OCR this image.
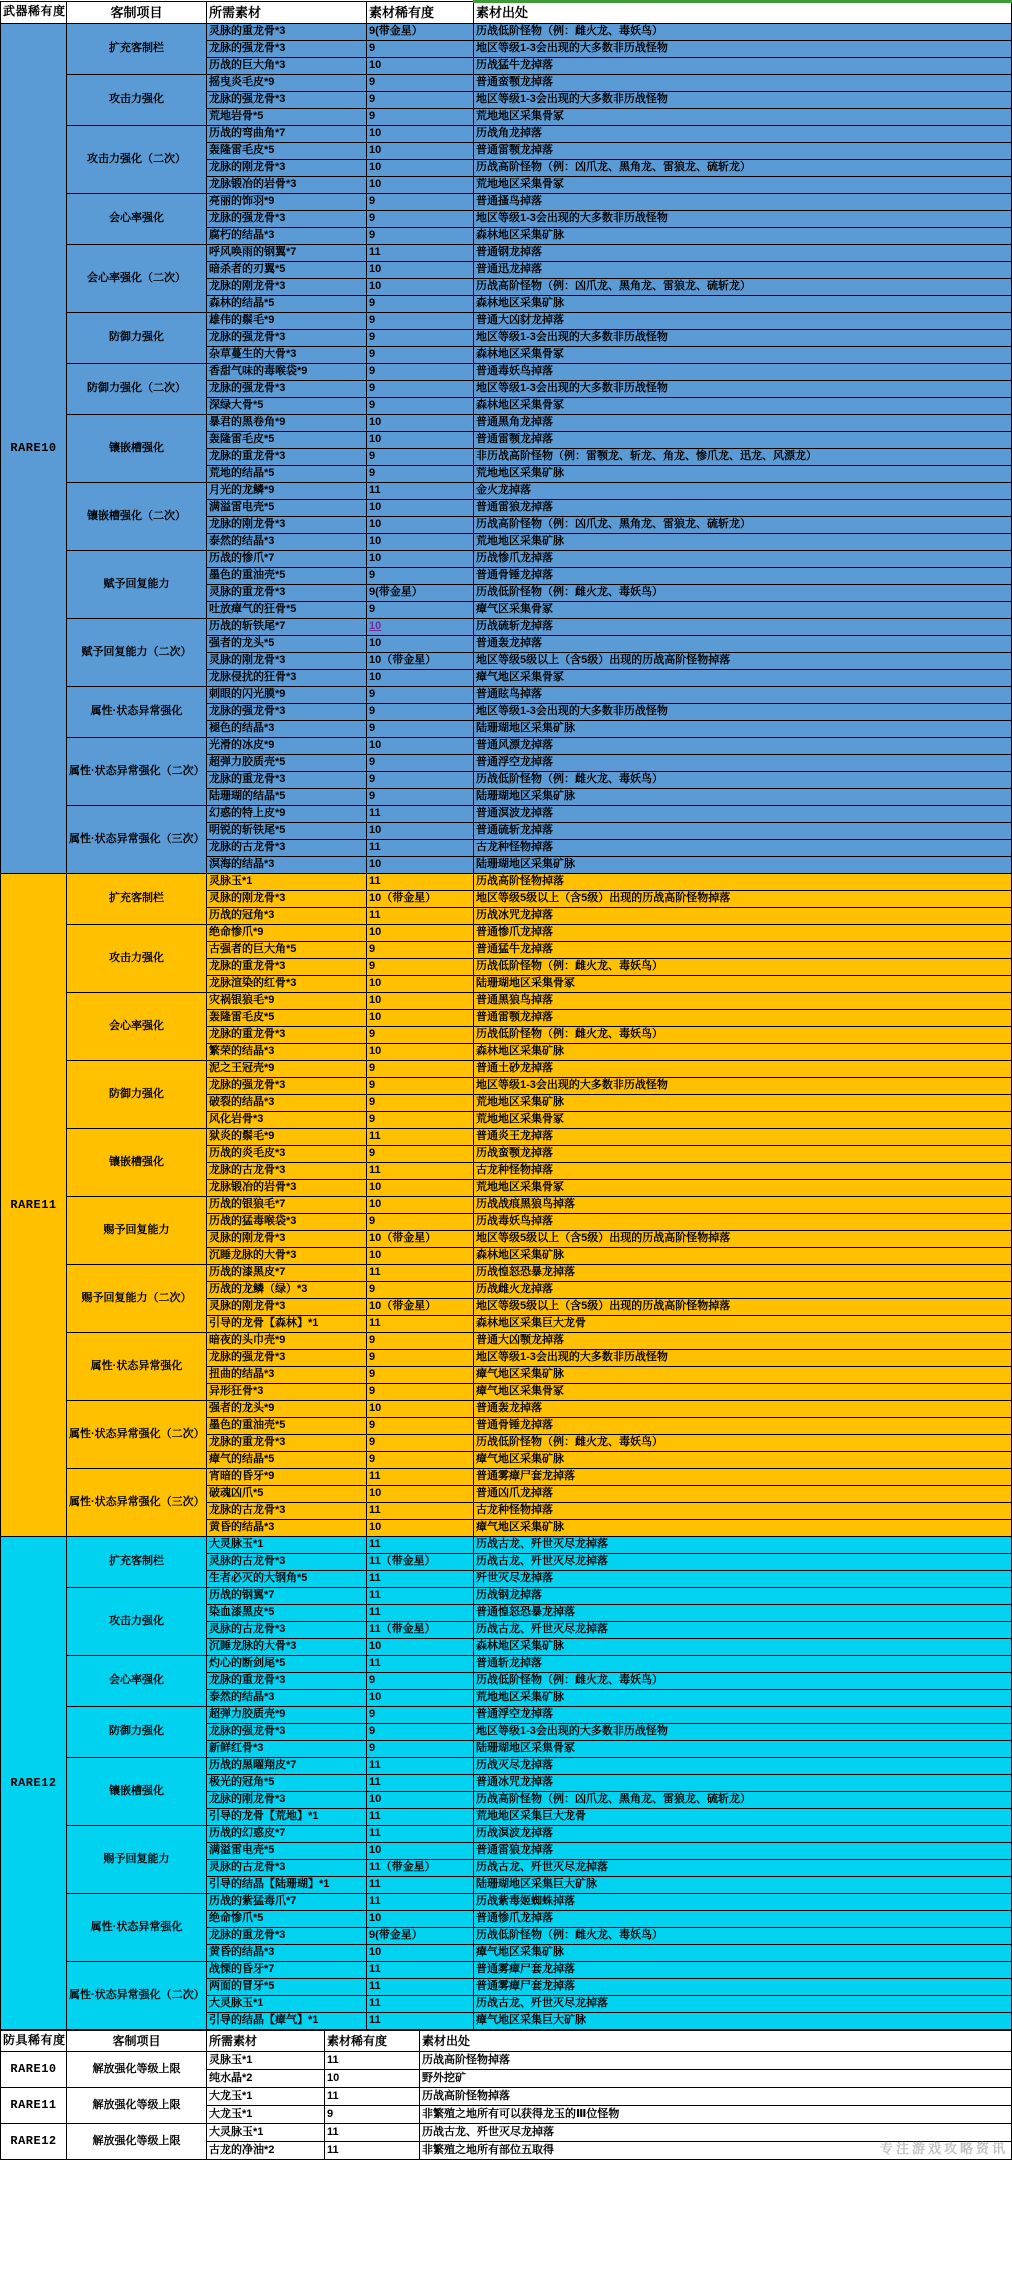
武器稀有度	客制项目	所需素材	素材稀有度	素材出处
RARE10	扩充客制栏	灵脉的重龙骨*3	9(带金星）	历战低阶怪物（例：雌火龙、毒妖鸟）
		龙脉的强龙骨*3	9	地区等级1-3会出现的大多数非历战怪物
		历战的巨大角*3	10	历战猛牛龙掉落
	攻击力强化	摇曳炎毛皮*9	9	普通蛮颚龙掉落
		龙脉的强龙骨*3	9	地区等级1-3会出现的大多数非历战怪物
		荒地岩骨*5	9	荒地地区采集骨冢
	攻击力强化（二次）	历战的弯曲角*7	10	历战角龙掉落
		轰隆雷毛皮*5	10	普通雷颚龙掉落
		龙脉的刚龙骨*3	10	历战高阶怪物（例：凶爪龙、黑角龙、雷狼龙、硫斩龙）
		龙脉锻冶的岩骨*3	10	荒地地区采集骨冢
	会心率强化	亮丽的饰羽*9	9	普通搔鸟掉落
		龙脉的强龙骨*3	9	地区等级1-3会出现的大多数非历战怪物
		腐朽的结晶*3	9	森林地区采集矿脉
	会心率强化（二次）	呼风唤雨的钢翼*7	11	普通钢龙掉落
		暗杀者的刃翼*5	10	普通迅龙掉落
		龙脉的刚龙骨*3	10	历战高阶怪物（例：凶爪龙、黑角龙、雷狼龙、硫斩龙）
		森林的结晶*5	9	森林地区采集矿脉
	防御力强化	雄伟的鬃毛*9	9	普通大凶豺龙掉落
		龙脉的强龙骨*3	9	地区等级1-3会出现的大多数非历战怪物
		杂草蔓生的大骨*3	9	森林地区采集骨冢
	防御力强化（二次）	香甜气味的毒喉袋*9	9	普通毒妖鸟掉落
		龙脉的强龙骨*3	9	地区等级1-3会出现的大多数非历战怪物
		深绿大骨*5	9	森林地区采集骨冢
	镶嵌槽强化	暴君的黑卷角*9	10	普通黑角龙掉落
		轰隆雷毛皮*5	10	普通雷颚龙掉落
		龙脉的重龙骨*3	9	非历战高阶怪物（例：雷颚龙、斩龙、角龙、惨爪龙、迅龙、风漂龙）
		荒地的结晶*5	9	荒地地区采集矿脉
	镶嵌槽强化（二次）	月光的龙鳞*9	11	金火龙掉落
		满溢雷电壳*5	10	普通雷狼龙掉落
		龙脉的刚龙骨*3	10	历战高阶怪物（例：凶爪龙、黑角龙、雷狼龙、硫斩龙）
		泰然的结晶*3	10	荒地地区采集矿脉
	赋予回复能力	历战的惨爪*7	10	历战惨爪龙掉落
		墨色的重油壳*5	9	普通骨锤龙掉落
		灵脉的重龙骨*3	9(带金星）	历战低阶怪物（例：雌火龙、毒妖鸟）
		吐放瘴气的狂骨*5	9	瘴气区采集骨冢
	赋予回复能力（二次）	历战的斩铁尾*7	10	历战硫斩龙掉落
		强者的龙头*5	10	普通轰龙掉落
		灵脉的刚龙骨*3	10（带金星）	地区等级5级以上（含5级）出现的历战高阶怪物掉落
		龙脉侵扰的狂骨*3	10	瘴气地区采集骨冢
	属性·状态异常强化	刺眼的闪光膜*9	9	普通眩鸟掉落
		龙脉的强龙骨*3	9	地区等级1-3会出现的大多数非历战怪物
		褪色的结晶*3	9	陆珊瑚地区采集矿脉
	属性·状态异常强化（二次）	光滑的冰皮*9	10	普通风漂龙掉落
		超弹力胶质壳*5	9	普通浮空龙掉落
		龙脉的重龙骨*3	9	历战低阶怪物（例：雌火龙、毒妖鸟）
		陆珊瑚的结晶*5	9	陆珊瑚地区采集矿脉
	属性·状态异常强化（三次）	幻惑的特上皮*9	11	普通溟波龙掉落
		明锐的斩铁尾*5	10	普通硫斩龙掉落
		龙脉的古龙骨*3	11	古龙种怪物掉落
		溟海的结晶*3	10	陆珊瑚地区采集矿脉
RARE11	扩充客制栏	灵脉玉*1	11	历战高阶怪物掉落
		灵脉的刚龙骨*3	10（带金星）	地区等级5级以上（含5级）出现的历战高阶怪物掉落
		历战的冠角*3	11	历战冰咒龙掉落
	攻击力强化	绝命惨爪*9	10	普通惨爪龙掉落
		古强者的巨大角*5	9	普通猛牛龙掉落
		龙脉的重龙骨*3	9	历战低阶怪物（例：雌火龙、毒妖鸟）
		龙脉渲染的红骨*3	10	陆珊瑚地区采集骨冢
	会心率强化	灾祸银狼毛*9	10	普通黑狼鸟掉落
		轰隆雷毛皮*5	10	普通雷颚龙掉落
		龙脉的重龙骨*3	9	历战低阶怪物（例：雌火龙、毒妖鸟）
		繁荣的结晶*3	10	森林地区采集矿脉
	防御力强化	泥之王冠壳*9	9	普通土砂龙掉落
		龙脉的强龙骨*3	9	地区等级1-3会出现的大多数非历战怪物
		破裂的结晶*3	9	荒地地区采集矿脉
		风化岩骨*3	9	荒地地区采集骨冢
	镶嵌槽强化	狱炎的鬃毛*9	11	普通炎王龙掉落
		历战的炎毛皮*3	9	历战蛮颚龙掉落
		龙脉的古龙骨*3	11	古龙种怪物掉落
		龙脉锻冶的岩骨*3	10	荒地地区采集骨冢
	赐予回复能力	历战的银狼毛*7	10	历战战痕黑狼鸟掉落
		历战的猛毒喉袋*3	9	历战毒妖鸟掉落
		灵脉的刚龙骨*3	10（带金星）	地区等级5级以上（含5级）出现的历战高阶怪物掉落
		沉睡龙脉的大骨*3	10	森林地区采集矿脉
	赐予回复能力（二次）	历战的漆黑皮*7	11	历战惶怒恐暴龙掉落
		历战的龙鳞（绿）*3	9	历战雌火龙掉落
		灵脉的刚龙骨*3	10（带金星）	地区等级5级以上（含5级）出现的历战高阶怪物掉落
		引导的龙骨【森林】*1	11	森林地区采集巨大龙骨
	属性·状态异常强化	暗夜的头巾壳*9	9	普通大凶颚龙掉落
		龙脉的强龙骨*3	9	地区等级1-3会出现的大多数非历战怪物
		扭曲的结晶*3	9	瘴气地区采集矿脉
		异形狂骨*3	9	瘴气地区采集骨冢
	属性·状态异常强化（二次）	强者的龙头*9	10	普通轰龙掉落
		墨色的重油壳*5	9	普通骨锤龙掉落
		龙脉的重龙骨*3	9	历战低阶怪物（例：雌火龙、毒妖鸟）
		瘴气的结晶*5	9	瘴气地区采集矿脉
	属性·状态异常强化（三次）	宵暗的昏牙*9	11	普通雾瘴尸套龙掉落
		破魂凶爪*5	10	普通凶爪龙掉落
		龙脉的古龙骨*3	11	古龙种怪物掉落
		黄昏的结晶*3	10	瘴气地区采集矿脉
RARE12	扩充客制栏	大灵脉玉*1	11	历战古龙、歼世灭尽龙掉落
		灵脉的古龙骨*3	11（带金星）	历战古龙、歼世灭尽龙掉落
		生者必灭的大钢角*5	11	歼世灭尽龙掉落
	攻击力强化	历战的钢翼*7	11	历战钢龙掉落
		染血漆黑皮*5	11	普通惶怒恐暴龙掉落
		灵脉的古龙骨*3	11（带金星）	历战古龙、歼世灭尽龙掉落
		沉睡龙脉的大骨*3	10	森林地区采集矿脉
	会心率强化	灼心的断剑尾*5	11	普通斩龙掉落
		龙脉的重龙骨*3	9	历战低阶怪物（例：雌火龙、毒妖鸟）
		泰然的结晶*3	10	荒地地区采集矿脉
	防御力强化	超弹力胶质壳*9	9	普通浮空龙掉落
		龙脉的强龙骨*3	9	地区等级1-3会出现的大多数非历战怪物
		新鲜红骨*3	9	陆珊瑚地区采集骨冢
	镶嵌槽强化	历战的黑曜翔皮*7	11	历战灭尽龙掉落
		极光的冠角*5	11	普通冰咒龙掉落
		龙脉的刚龙骨*3	10	历战高阶怪物（例：凶爪龙、黑角龙、雷狼龙、硫斩龙）
		引导的龙骨【荒地】*1	11	荒地地区采集巨大龙骨
	赐予回复能力	历战的幻惑皮*7	11	历战溟波龙掉落
		满溢雷电壳*5	10	普通雷狼龙掉落
		灵脉的古龙骨*3	11（带金星）	历战古龙、歼世灭尽龙掉落
		引导的结晶【陆珊瑚】*1	11	陆珊瑚地区采集巨大矿脉
	属性·状态异常强化	历战的紫猛毒爪*7	11	历战紫毒姬蜘蛛掉落
		绝命惨爪*5	10	普通惨爪龙掉落
		龙脉的重龙骨*3	9(带金星）	历战低阶怪物（例：雌火龙、毒妖鸟）
		黄昏的结晶*3	10	瘴气地区采集矿脉
	属性·状态异常强化（二次）	战慄的昏牙*7	11	普通雾瘴尸套龙掉落
		两面的冒牙*5	11	普通雾瘴尸套龙掉落
		大灵脉玉*1	11	历战古龙、歼世灭尽龙掉落
		引导的结晶【瘴气】*1	11	瘴气地区采集巨大矿脉
防具稀有度	客制项目	所需素材	素材稀有度	素材出处
RARE10	解放强化等级上限	灵脉玉*1	11	历战高阶怪物掉落
		纯水晶*2	10	野外挖矿
RARE11	解放强化等级上限	大龙玉*1	11	历战高阶怪物掉落
		大龙玉*1	9	非繁殖之地所有可以获得龙玉的Ⅲ位怪物
RARE12	解放强化等级上限	大灵脉玉*1	11	历战古龙、歼世灭尽龙掉落
		古龙的净油*2	11	非繁殖之地所有部位五取得	专注游戏攻略资讯
